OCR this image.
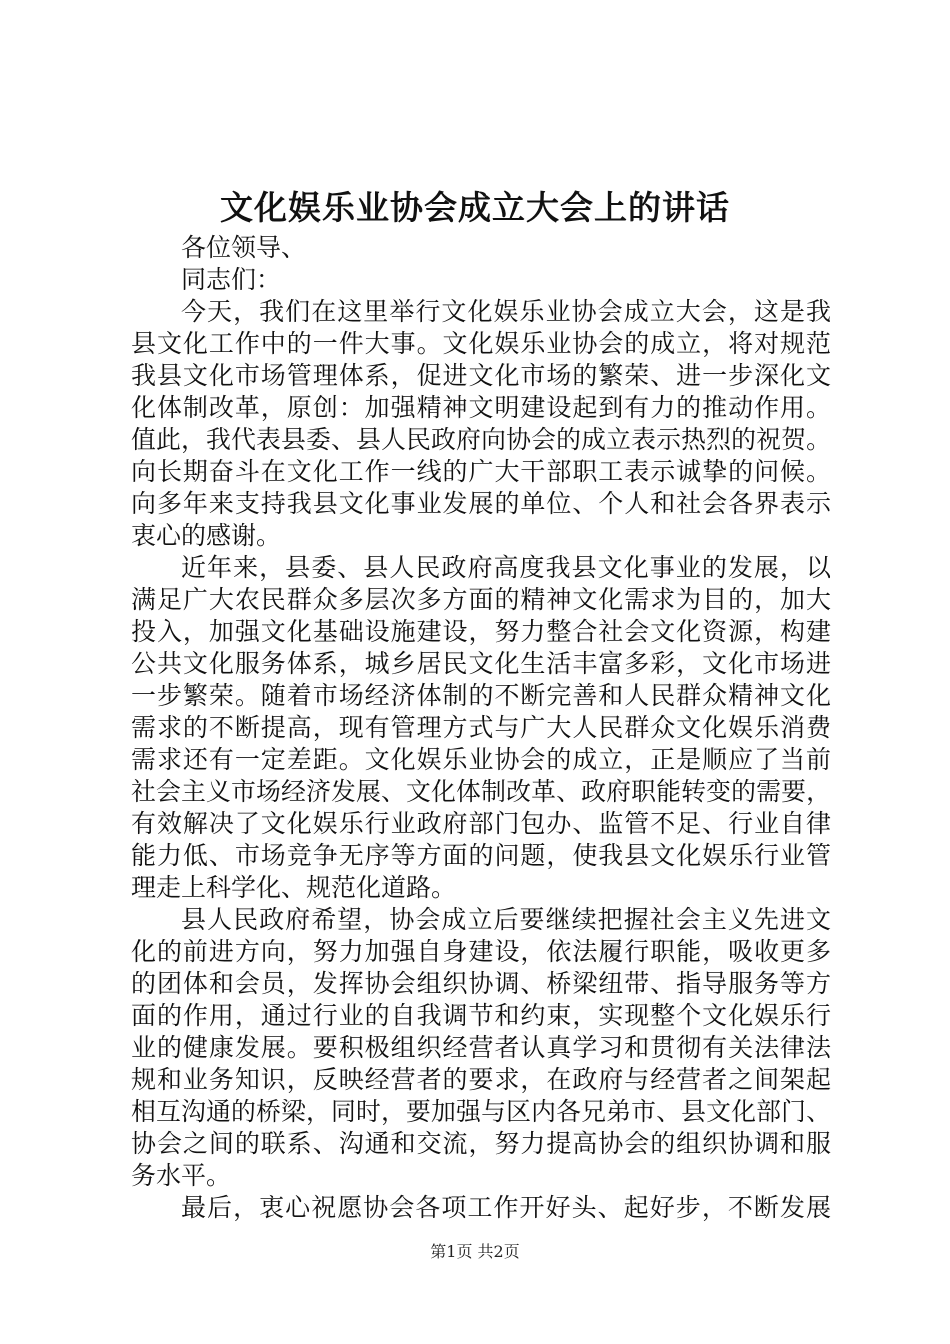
文化娱乐业协会成立大会上的讲话
各位领导、
同志们：
今天，我们在这里举行文化娱乐业协会成立大会，这是我
县文化工作中的一件大事。文化娱乐业协会的成立，将对规范
我县文化市场管理体系，促进文化市场的繁荣、进一步深化文
化体制改革，原创：加强精神文明建设起到有力的推动作用。
值此，我代表县委、县人民政府向协会的成立表示热烈的祝贺。
向长期奋斗在文化工作一线的广大干部职工表示诚挚的问候。
向多年来支持我县文化事业发展的单位、个人和社会各界表示
衷心的感谢。
近年来，县委、县人民政府高度我县文化事业的发展，以
满足广大农民群众多层次多方面的精神文化需求为目的，加大
投入，加强文化基础设施建设，努力整合社会文化资源，构建
公共文化服务体系，城乡居民文化生活丰富多彩，文化市场进
一步繁荣。随着市场经济体制的不断完善和人民群众精神文化
需求的不断提高，现有管理方式与广大人民群众文化娱乐消费
需求还有一定差距。文化娱乐业协会的成立，正是顺应了当前
社会主义市场经济发展、文化体制改革、政府职能转变的需要，
有效解决了文化娱乐行业政府部门包办、监管不足、行业自律
能力低、市场竞争无序等方面的问题，使我县文化娱乐行业管
理走上科学化、规范化道路。
县人民政府希望，协会成立后要继续把握社会主义先进文
化的前进方向，努力加强自身建设，依法履行职能，吸收更多
的团体和会员，发挥协会组织协调、桥梁纽带、指导服务等方
面的作用，通过行业的自我调节和约束，实现整个文化娱乐行
业的健康发展。要积极组织经营者认真学习和贯彻有关法律法
规和业务知识，反映经营者的要求，在政府与经营者之间架起
相互沟通的桥梁，同时，要加强与区内各兄弟市、县文化部门、
协会之间的联系、沟通和交流，努力提高协会的组织协调和服
务水平。
最后，衷心祝愿协会各项工作开好头、起好步，不断发展
第1页 共2页
